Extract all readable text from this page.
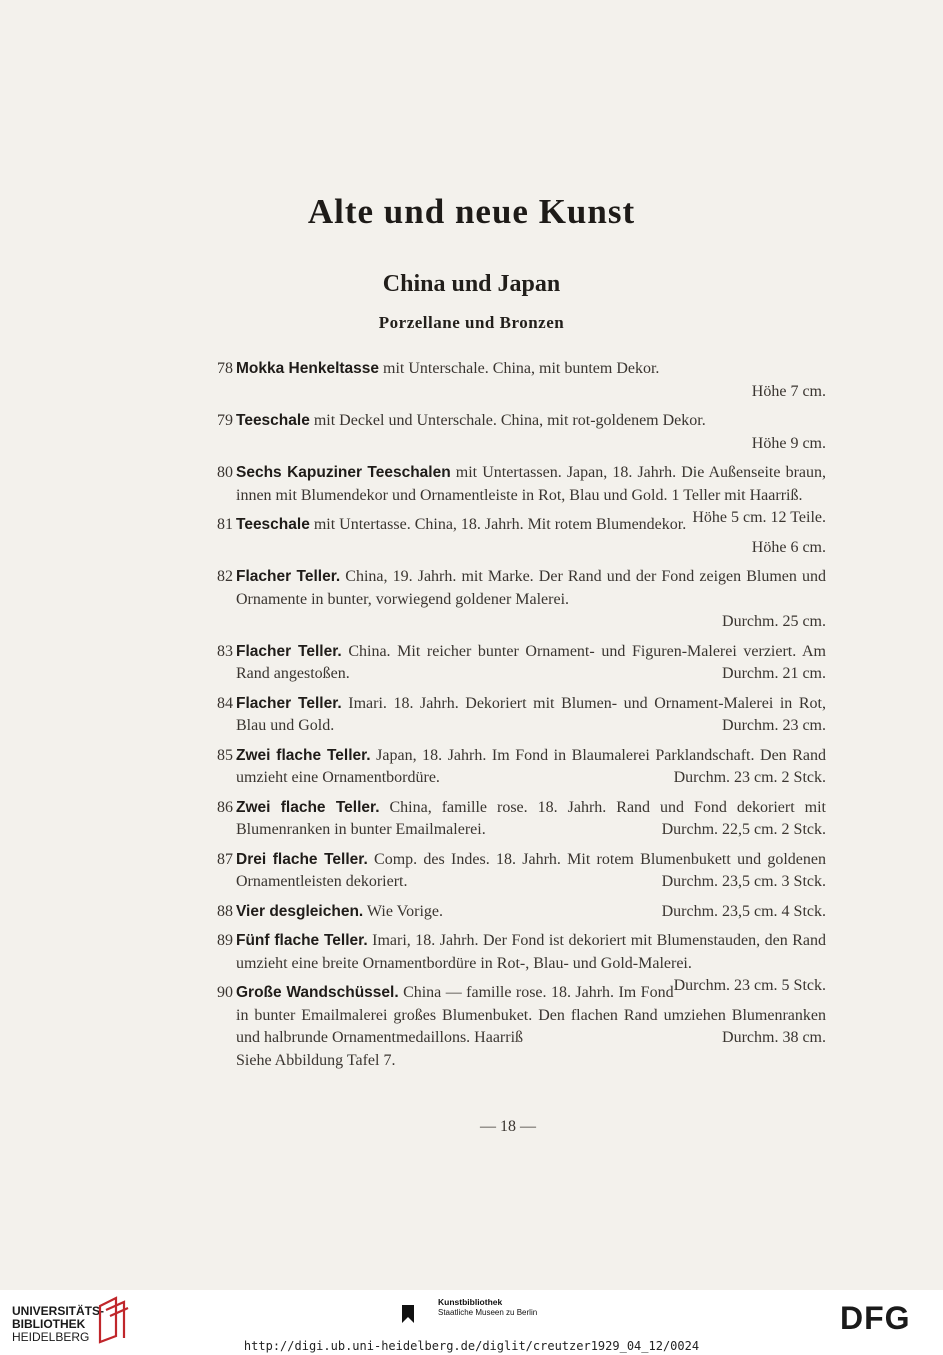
Alte und neue Kunst
China und Japan
Porzellane und Bronzen
78 Mokka Henkeltasse mit Unterschale. China, mit buntem Dekor.

Höhe 7 cm.
79 Teeschale mit Deckel und Unterschale. China, mit rot-goldenem Dekor.

Höhe 9 cm.
80 Sechs Kapuziner Teeschalen mit Untertassen. Japan, 18. Jahrh. Die Außenseite braun, innen mit Blumendekor und Ornamentleiste in Rot, Blau und Gold. 1 Teller mit Haarriß.
Höhe 5 cm. 12 Teile.

81 Teeschale mit Untertasse. China, 18. Jahrh. Mit rotem Blumendekor.

Höhe 6 cm.
82 Flacher Teller. China, 19. Jahrh. mit Marke. Der Rand und der Fond zeigen Blumen und Ornamente in bunter, vorwiegend goldener Malerei.

Durchm. 25 cm.
83 Flacher Teller. China. Mit reicher bunter Ornament- und Figuren-Malerei verziert. Am Rand angestoßen.	Durchm. 21 cm.

84 Flacher Teller. Imari. 18. Jahrh. Dekoriert mit Blumen- und Ornament-Malerei in Rot, Blau und Gold.	Durchm. 23 cm.

85 Zwei flache Teller. Japan, 18. Jahrh. Im Fond in Blaumalerei Parklandschaft. Den Rand umzieht eine Ornamentbordüre.	Durchm. 23 cm. 2 Stck.

86 Zwei flache Teller. China, famille rose. 18. Jahrh. Rand und Fond dekoriert mit Blumenranken in bunter Emailmalerei.	Durchm. 22,5 cm. 2 Stck.

87 Drei flache Teller. Comp. des Indes. 18. Jahrh. Mit rotem Blumenbukett und goldenen Ornamentleisten dekoriert.	Durchm. 23,5 cm. 3 Stck.

88 Vier desgleichen. Wie Vorige.	Durchm. 23,5 cm. 4 Stck.

89 Fünf flache Teller. Imari, 18. Jahrh. Der Fond ist dekoriert mit Blumenstauden, den Rand umzieht eine breite Ornamentbordüre in Rot-, Blau- und Gold-Malerei.
Durchm. 23 cm. 5 Stck.

90 Große Wandschüssel. China — famille rose. 18. Jahrh. Im Fond in bunter Emailmalerei großes Blumenbuket. Den flachen Rand umziehen Blumenranken und halbrunde Ornamentmedaillons. Haarriß	Durchm. 38 cm.

Siehe Abbildung Tafel 7.
— 18 —
UNIVERSITÄTS-
BIBLIOTHEK
HEIDELBERG
Kunstbibliothek
Staatliche Museen zu Berlin	DFG
http://digi.ub.uni-heidelberg.de/diglit/creutzer1929_04_12/0024
